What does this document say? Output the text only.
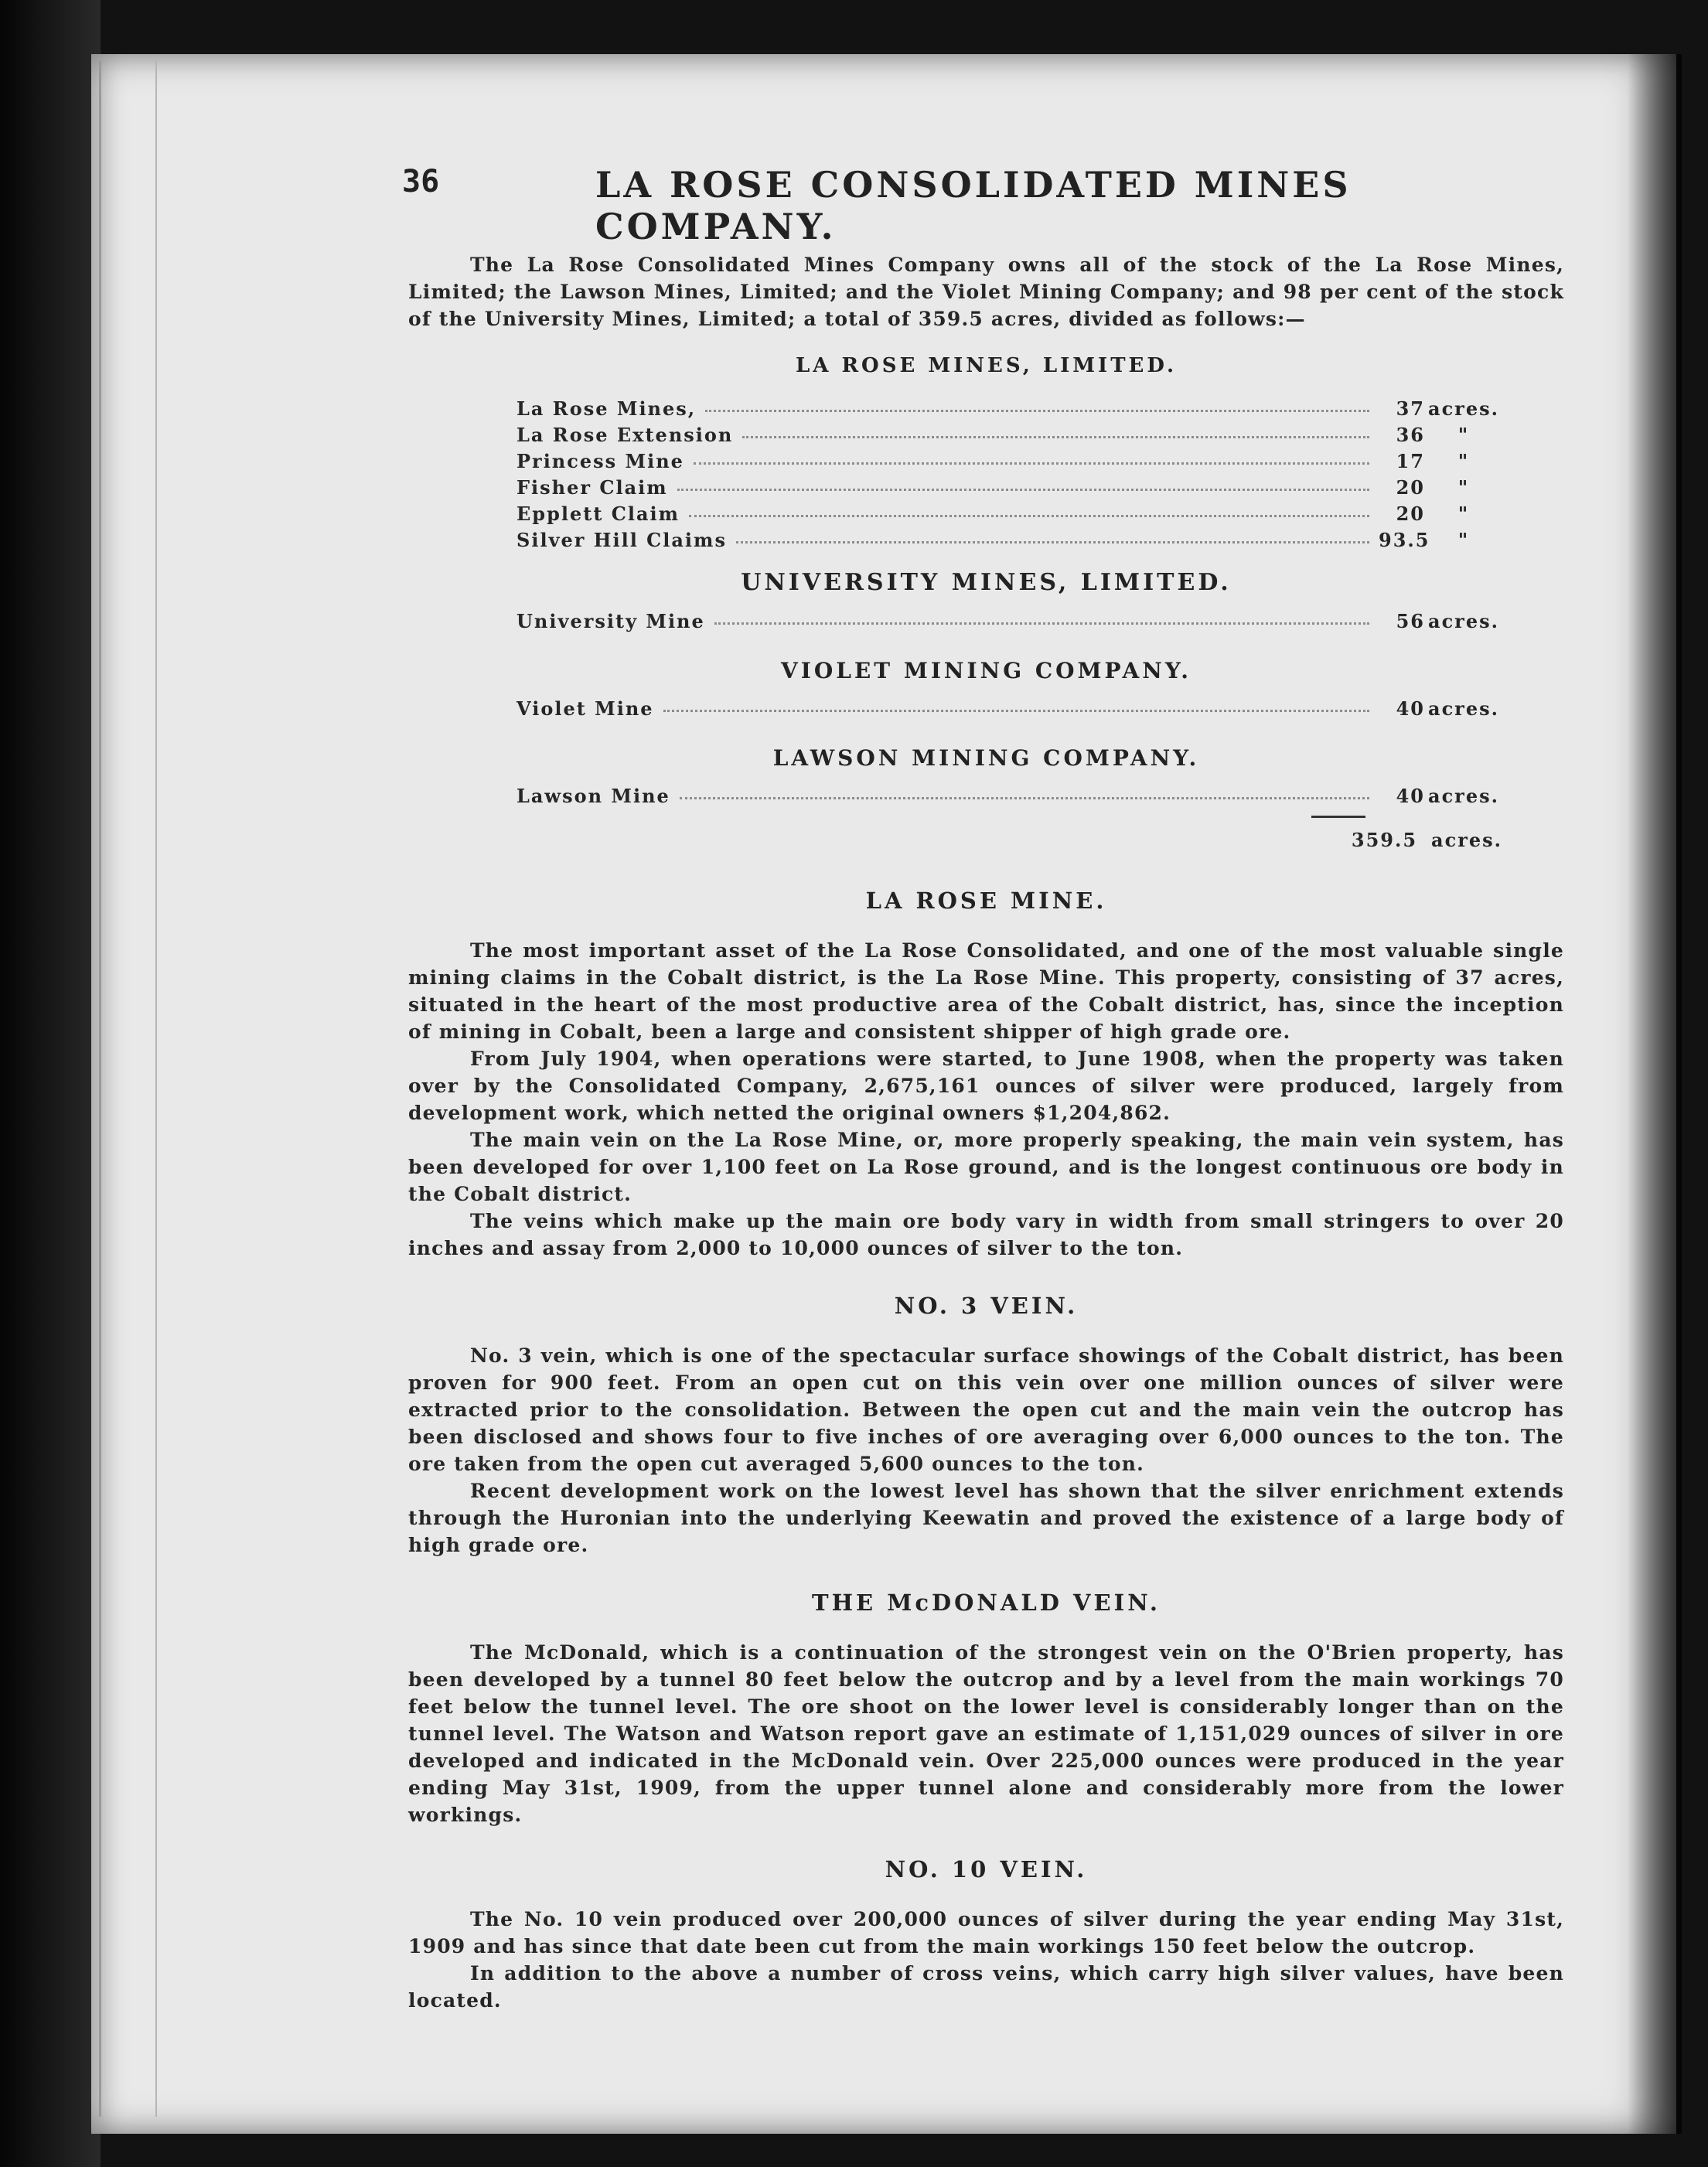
36	LA ROSE CONSOLIDATED MINES COMPANY.

The La Rose Consolidated Mines Company owns all of the stock of the La Rose Mines, Limited; the Lawson Mines, Limited; and the Violet Mining Company; and 98 per cent of the stock of the University Mines, Limited; a total of 359.5 acres, divided as follows:—

LA ROSE MINES, LIMITED.

La Rose Mines,	37 acres.
La Rose Extension	36	"
Princess Mine	17	"
Fisher Claim	20	"
Epplett Claim	20	"
Silver Hill Claims	93.5	"

UNIVERSITY MINES, LIMITED.

University Mine	56 acres.

VIOLET MINING COMPANY.

Violet Mine	40 acres.

LAWSON MINING COMPANY.

Lawson Mine	40 acres.
359.5 acres.

LA ROSE MINE.

The most important asset of the La Rose Consolidated, and one of the most valuable single mining claims in the Cobalt district, is the La Rose Mine. This property, consisting of 37 acres, situated in the heart of the most productive area of the Cobalt district, has, since the inception of mining in Cobalt, been a large and consistent shipper of high grade ore.

From July 1904, when operations were started, to June 1908, when the property was taken over by the Consolidated Company, 2,675,161 ounces of silver were produced, largely from development work, which netted the original owners $1,204,862.

The main vein on the La Rose Mine, or, more properly speaking, the main vein system, has been developed for over 1,100 feet on La Rose ground, and is the longest continuous ore body in the Cobalt district.

The veins which make up the main ore body vary in width from small stringers to over 20 inches and assay from 2,000 to 10,000 ounces of silver to the ton.

NO. 3 VEIN.

No. 3 vein, which is one of the spectacular surface showings of the Cobalt district, has been proven for 900 feet. From an open cut on this vein over one million ounces of silver were extracted prior to the consolidation. Between the open cut and the main vein the outcrop has been disclosed and shows four to five inches of ore averaging over 6,000 ounces to the ton. The ore taken from the open cut averaged 5,600 ounces to the ton.

Recent development work on the lowest level has shown that the silver enrichment extends through the Huronian into the underlying Keewatin and proved the existence of a large body of high grade ore.

THE McDONALD VEIN.

The McDonald, which is a continuation of the strongest vein on the O'Brien property, has been developed by a tunnel 80 feet below the outcrop and by a level from the main workings 70 feet below the tunnel level. The ore shoot on the lower level is considerably longer than on the tunnel level. The Watson and Watson report gave an estimate of 1,151,029 ounces of silver in ore developed and indicated in the McDonald vein. Over 225,000 ounces were produced in the year ending May 31st, 1909, from the upper tunnel alone and considerably more from the lower workings.

NO. 10 VEIN.

The No. 10 vein produced over 200,000 ounces of silver during the year ending May 31st, 1909 and has since that date been cut from the main workings 150 feet below the outcrop.

In addition to the above a number of cross veins, which carry high silver values, have been located.
